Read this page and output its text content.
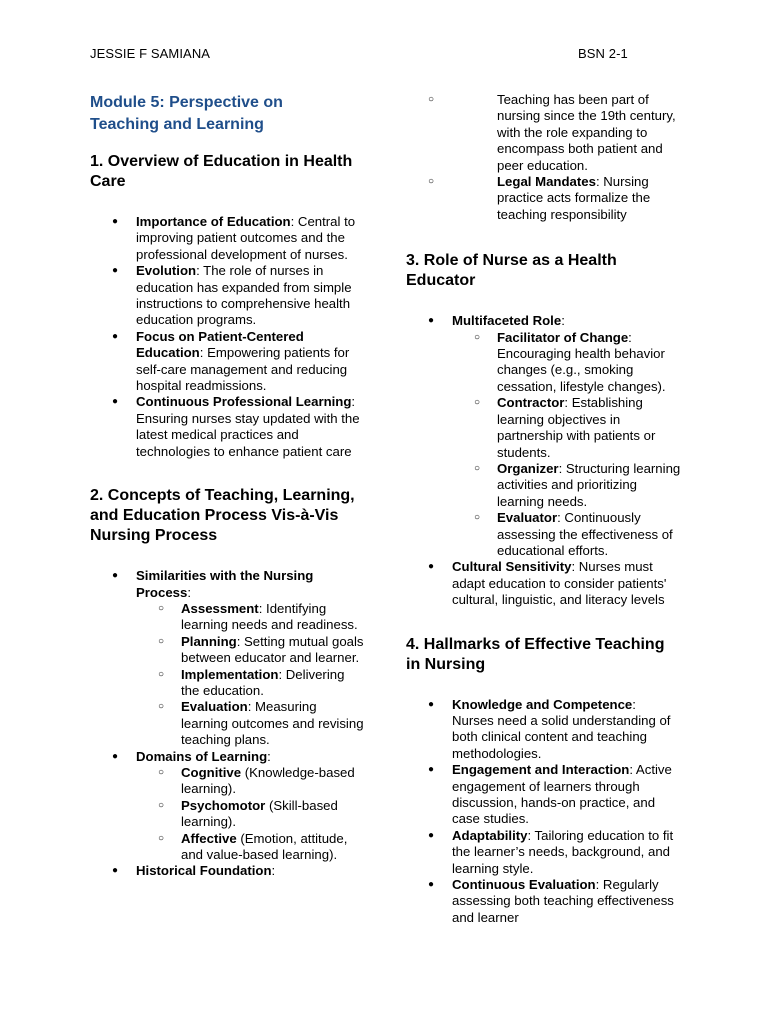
JESSIE F SAMIANA	BSN 2-1
Module 5: Perspective on
Teaching and Learning
1. Overview of Education in Health Care
● Importance of Education: Central to improving patient outcomes and the professional development of nurses.
● Evolution: The role of nurses in education has expanded from simple instructions to comprehensive health education programs.
● Focus on Patient-Centered Education: Empowering patients for self-care management and reducing hospital readmissions.
● Continuous Professional Learning: Ensuring nurses stay updated with the latest medical practices and technologies to enhance patient care
2. Concepts of Teaching, Learning, and Education Process Vis-à-Vis Nursing Process
● Similarities with the Nursing Process:
○ Assessment: Identifying learning needs and readiness.
○ Planning: Setting mutual goals between educator and learner.
○ Implementation: Delivering the education.
○ Evaluation: Measuring learning outcomes and revising teaching plans.
● Domains of Learning:
○ Cognitive (Knowledge-based learning).
○ Psychomotor (Skill-based learning).
○ Affective (Emotion, attitude, and value-based learning).
● Historical Foundation:
○ Teaching has been part of nursing since the 19th century, with the role expanding to encompass both patient and peer education.
○ Legal Mandates: Nursing practice acts formalize the teaching responsibility
3. Role of Nurse as a Health Educator
● Multifaceted Role:
○ Facilitator of Change: Encouraging health behavior changes (e.g., smoking cessation, lifestyle changes).
○ Contractor: Establishing learning objectives in partnership with patients or students.
○ Organizer: Structuring learning activities and prioritizing learning needs.
○ Evaluator: Continuously assessing the effectiveness of educational efforts.
● Cultural Sensitivity: Nurses must adapt education to consider patients' cultural, linguistic, and literacy levels
4. Hallmarks of Effective Teaching in Nursing
● Knowledge and Competence: Nurses need a solid understanding of both clinical content and teaching methodologies.
● Engagement and Interaction: Active engagement of learners through discussion, hands-on practice, and case studies.
● Adaptability: Tailoring education to fit the learner’s needs, background, and learning style.
● Continuous Evaluation: Regularly assessing both teaching effectiveness and learner
